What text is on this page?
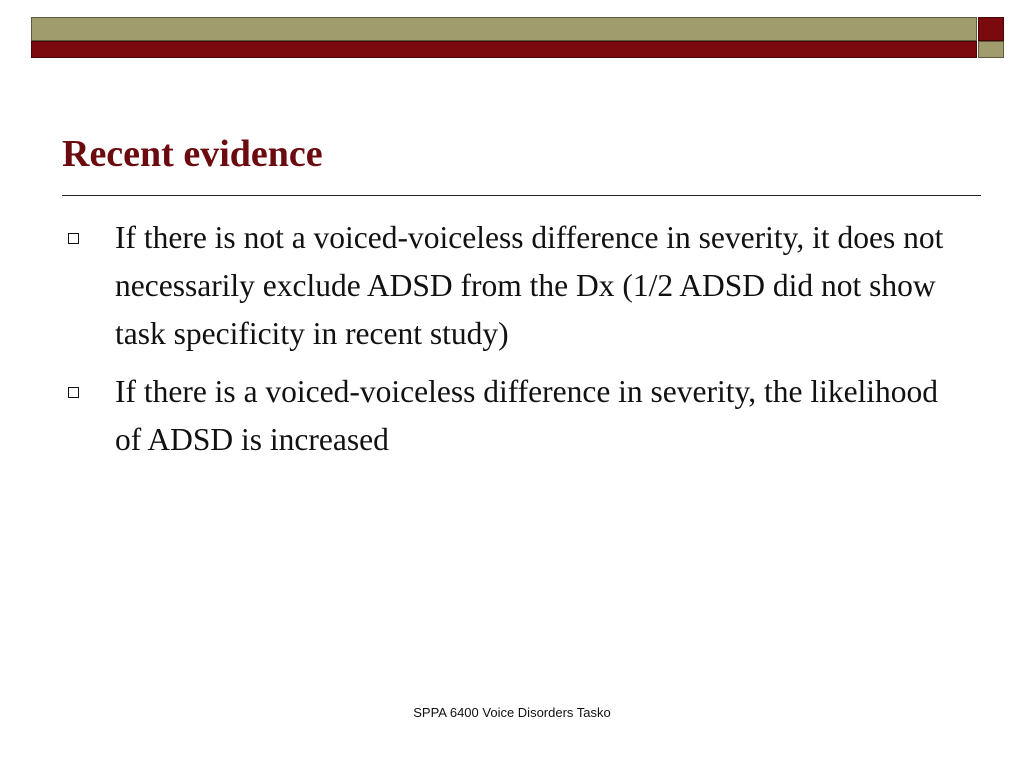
Recent evidence
If there is not a voiced-voiceless difference in severity, it does not necessarily exclude ADSD from the Dx (1/2 ADSD did not show task specificity in recent study)
If there is a voiced-voiceless difference in severity, the likelihood of ADSD is increased
SPPA 6400 Voice Disorders Tasko
